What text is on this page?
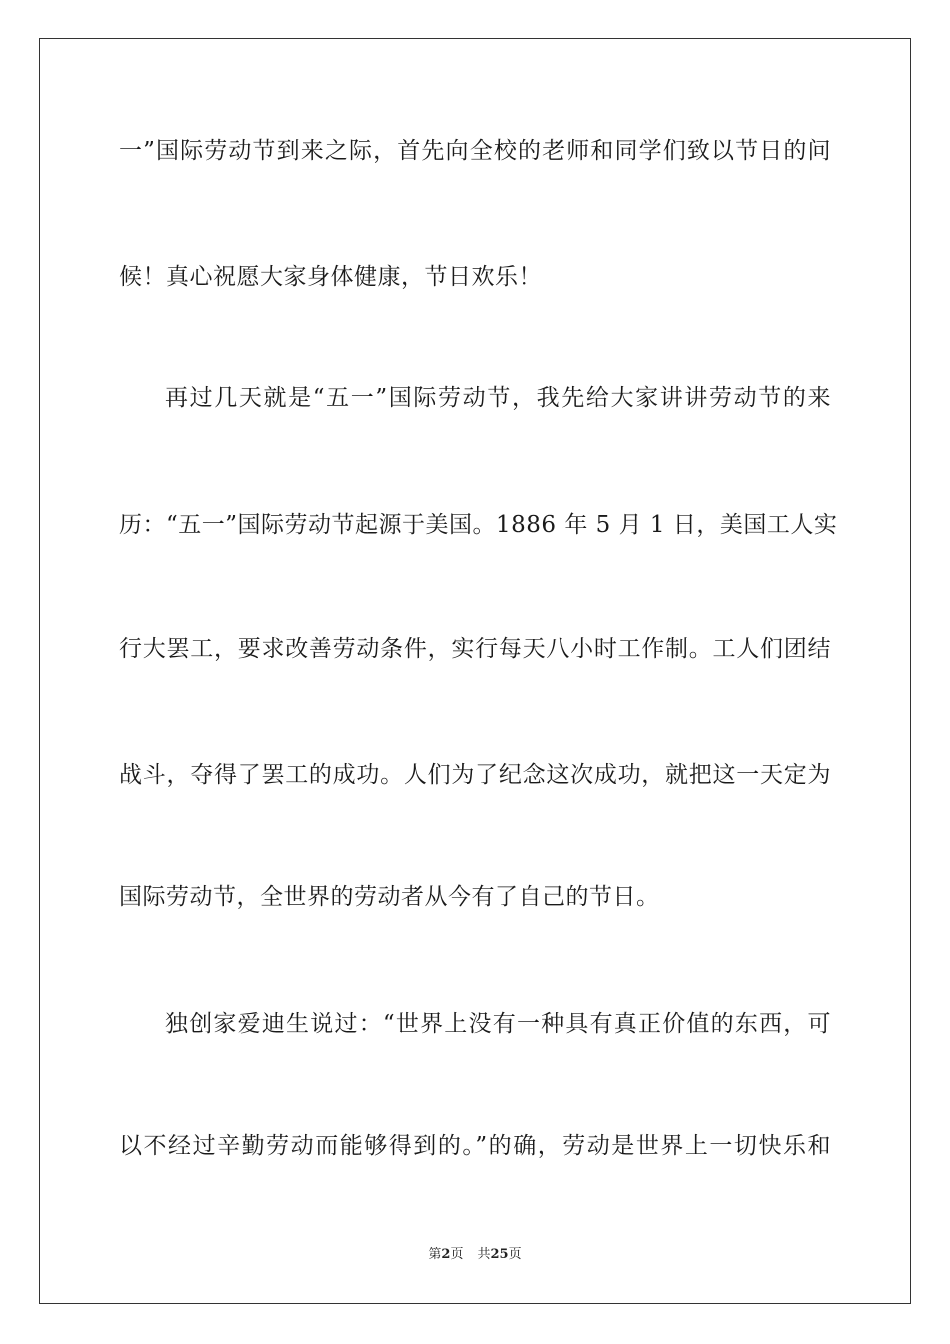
一”国际劳动节到来之际，首先向全校的老师和同学们致以节日的问
候！真心祝愿大家身体健康，节日欢乐！
再过几天就是“五一”国际劳动节，我先给大家讲讲劳动节的来
历：“五一”国际劳动节起源于美国。1886 年 5 月 1 日，美国工人实
行大罢工，要求改善劳动条件，实行每天八小时工作制。工人们团结
战斗，夺得了罢工的成功。人们为了纪念这次成功，就把这一天定为
国际劳动节，全世界的劳动者从今有了自己的节日。
独创家爱迪生说过：“世界上没有一种具有真正价值的东西，可
以不经过辛勤劳动而能够得到的。”的确，劳动是世界上一切快乐和
第2页 共25页
